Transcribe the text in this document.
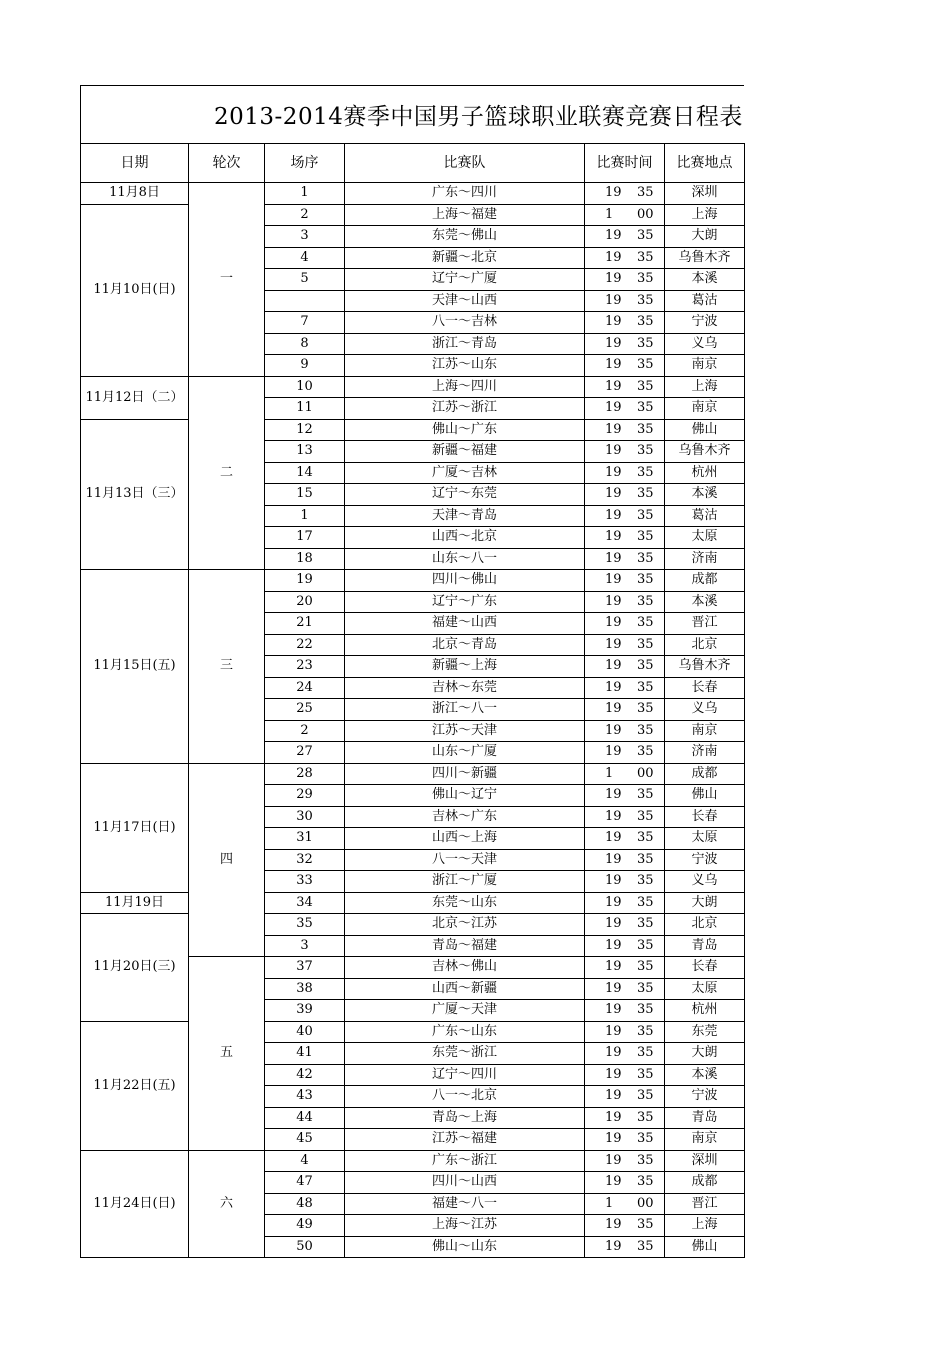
2013-2014赛季中国男子篮球职业联赛竞赛日程表
日期	轮次	场序	比赛队	比赛时间	比赛地点
11月8日	一	1	广东～四川	19 35	深圳
11月10日(日)		2	上海～福建	1 00	上海
		3	东莞～佛山	19 35	大朗
		4	新疆～北京	19 35	乌鲁木齐
		5	辽宁～广厦	19 35	本溪
			天津～山西	19 35	葛沽
		7	八一～吉林	19 35	宁波
		8	浙江～青岛	19 35	义乌
		9	江苏～山东	19 35	南京
11月12日（二）	二	10	上海～四川	19 35	上海
		11	江苏～浙江	19 35	南京
11月13日（三）		12	佛山～广东	19 35	佛山
		13	新疆～福建	19 35	乌鲁木齐
		14	广厦～吉林	19 35	杭州
		15	辽宁～东莞	19 35	本溪
		1	天津～青岛	19 35	葛沽
		17	山西～北京	19 35	太原
		18	山东～八一	19 35	济南
11月15日(五)	三	19	四川～佛山	19 35	成都
		20	辽宁～广东	19 35	本溪
		21	福建～山西	19 35	晋江
		22	北京～青岛	19 35	北京
		23	新疆～上海	19 35	乌鲁木齐
		24	吉林～东莞	19 35	长春
		25	浙江～八一	19 35	义乌
		2	江苏～天津	19 35	南京
		27	山东～广厦	19 35	济南
11月17日(日)	四	28	四川～新疆	1 00	成都
		29	佛山～辽宁	19 35	佛山
		30	吉林～广东	19 35	长春
		31	山西～上海	19 35	太原
		32	八一～天津	19 35	宁波
		33	浙江～广厦	19 35	义乌
11月19日		34	东莞～山东	19 35	大朗
11月20日(三)		35	北京～江苏	19 35	北京
		3	青岛～福建	19 35	青岛
	五	37	吉林～佛山	19 35	长春
		38	山西～新疆	19 35	太原
		39	广厦～天津	19 35	杭州
11月22日(五)		40	广东～山东	19 35	东莞
		41	东莞～浙江	19 35	大朗
		42	辽宁～四川	19 35	本溪
		43	八一～北京	19 35	宁波
		44	青岛～上海	19 35	青岛
		45	江苏～福建	19 35	南京
11月24日(日)	六	4	广东～浙江	19 35	深圳
		47	四川～山西	19 35	成都
		48	福建～八一	1 00	晋江
		49	上海～江苏	19 35	上海
		50	佛山～山东	19 35	佛山
